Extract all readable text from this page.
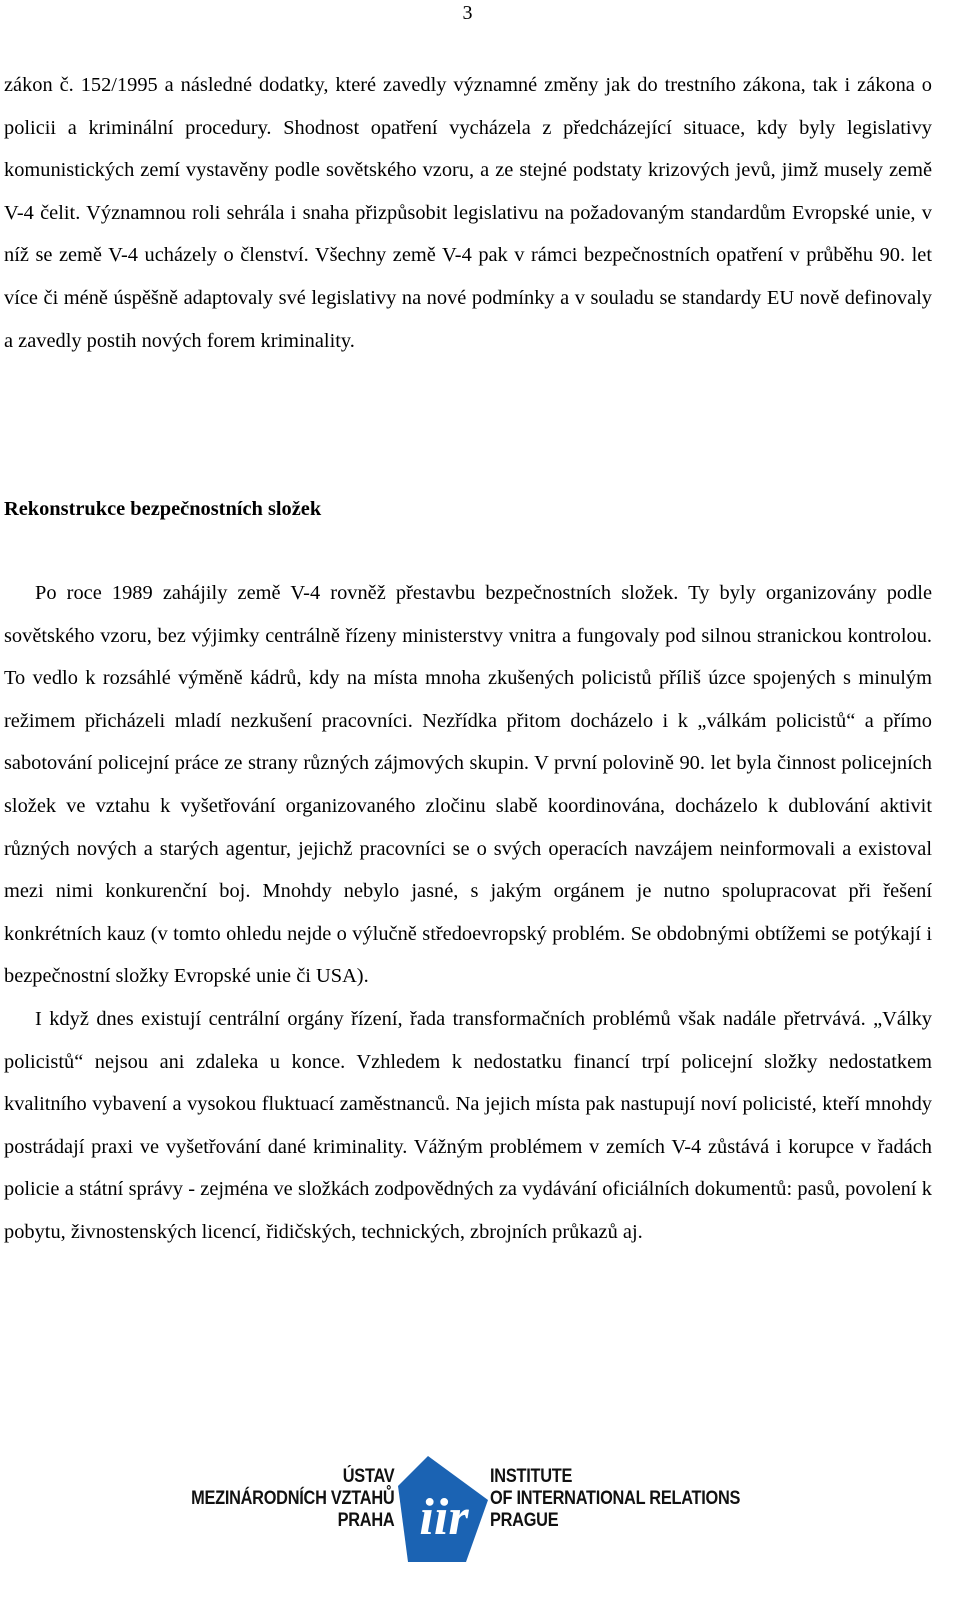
3

zákon č. 152/1995 a následné dodatky, které zavedly významné změny jak do trestního zákona, tak i zákona o policii a kriminální procedury. Shodnost opatření vycházela z předcházející situace, kdy byly legislativy komunistických zemí vystavěny podle sovětského vzoru, a ze stejné podstaty krizových jevů, jimž musely země V-4 čelit. Významnou roli sehrála i snaha přizpůsobit legislativu na požadovaným standardům Evropské unie, v níž se země V-4 ucházely o členství. Všechny země V-4 pak v rámci bezpečnostních opatření v průběhu 90. let více či méně úspěšně adaptovaly své legislativy na nové podmínky a v souladu se standardy EU nově definovaly a zavedly postih nových forem kriminality.

Rekonstrukce bezpečnostních složek

Po roce 1989 zahájily země V-4 rovněž přestavbu bezpečnostních složek. Ty byly organizovány podle sovětského vzoru, bez výjimky centrálně řízeny ministerstvy vnitra a fungovaly pod silnou stranickou kontrolou. To vedlo k rozsáhlé výměně kádrů, kdy na místa mnoha zkušených policistů příliš úzce spojených s minulým režimem přicházeli mladí nezkušení pracovníci. Nezřídka přitom docházelo i k „válkám policistů“ a přímo sabotování policejní práce ze strany různých zájmových skupin. V první polovině 90. let byla činnost policejních složek ve vztahu k vyšetřování organizovaného zločinu slabě koordinována, docházelo k dublování aktivit různých nových a starých agentur, jejichž pracovníci se o svých operacích navzájem neinformovali a existoval mezi nimi konkurenční boj. Mnohdy nebylo jasné, s jakým orgánem je nutno spolupracovat při řešení konkrétních kauz (v tomto ohledu nejde o výlučně středoevropský problém. Se obdobnými obtížemi se potýkají i bezpečnostní složky Evropské unie či USA).

I když dnes existují centrální orgány řízení, řada transformačních problémů však nadále přetrvává. „Války policistů“ nejsou ani zdaleka u konce. Vzhledem k nedostatku financí trpí policejní složky nedostatkem kvalitního vybavení a vysokou fluktuací zaměstnanců. Na jejich místa pak nastupují noví policisté, kteří mnohdy postrádají praxi ve vyšetřování dané kriminality. Vážným problémem v zemích V-4 zůstává i korupce v řadách policie a státní správy - zejména ve složkách zodpovědných za vydávání oficiálních dokumentů: pasů, povolení k pobytu, živnostenských licencí, řidičských, technických, zbrojních průkazů aj.

ÚSTAV
MEZINÁRODNÍCH VZTAHŮ
PRAHA iir
INSTITUTE
OF INTERNATIONAL RELATIONS
PRAGUE
